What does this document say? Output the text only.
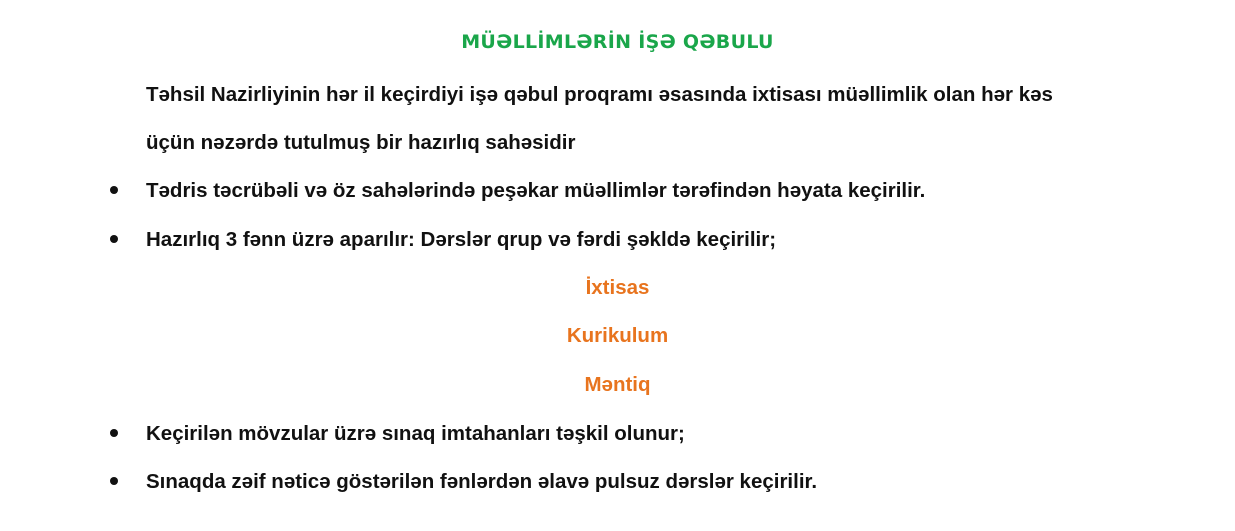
MÜƏLLİMLƏRİN İŞƏ QƏBULU
Təhsil Nazirliyinin hər il keçirdiyi işə qəbul proqramı əsasında ixtisası müəllimlik olan hər kəs
üçün nəzərdə tutulmuş bir hazırlıq sahəsidir
Tədris təcrübəli və öz sahələrində peşəkar müəllimlər tərəfindən həyata keçirilir.
Hazırlıq 3 fənn üzrə aparılır: Dərslər qrup və fərdi şəkldə keçirilir;
İxtisas
Kurikulum
Məntiq
Keçirilən mövzular üzrə sınaq imtahanları təşkil olunur;
Sınaqda zəif nəticə göstərilən fənlərdən əlavə pulsuz dərslər keçirilir.
